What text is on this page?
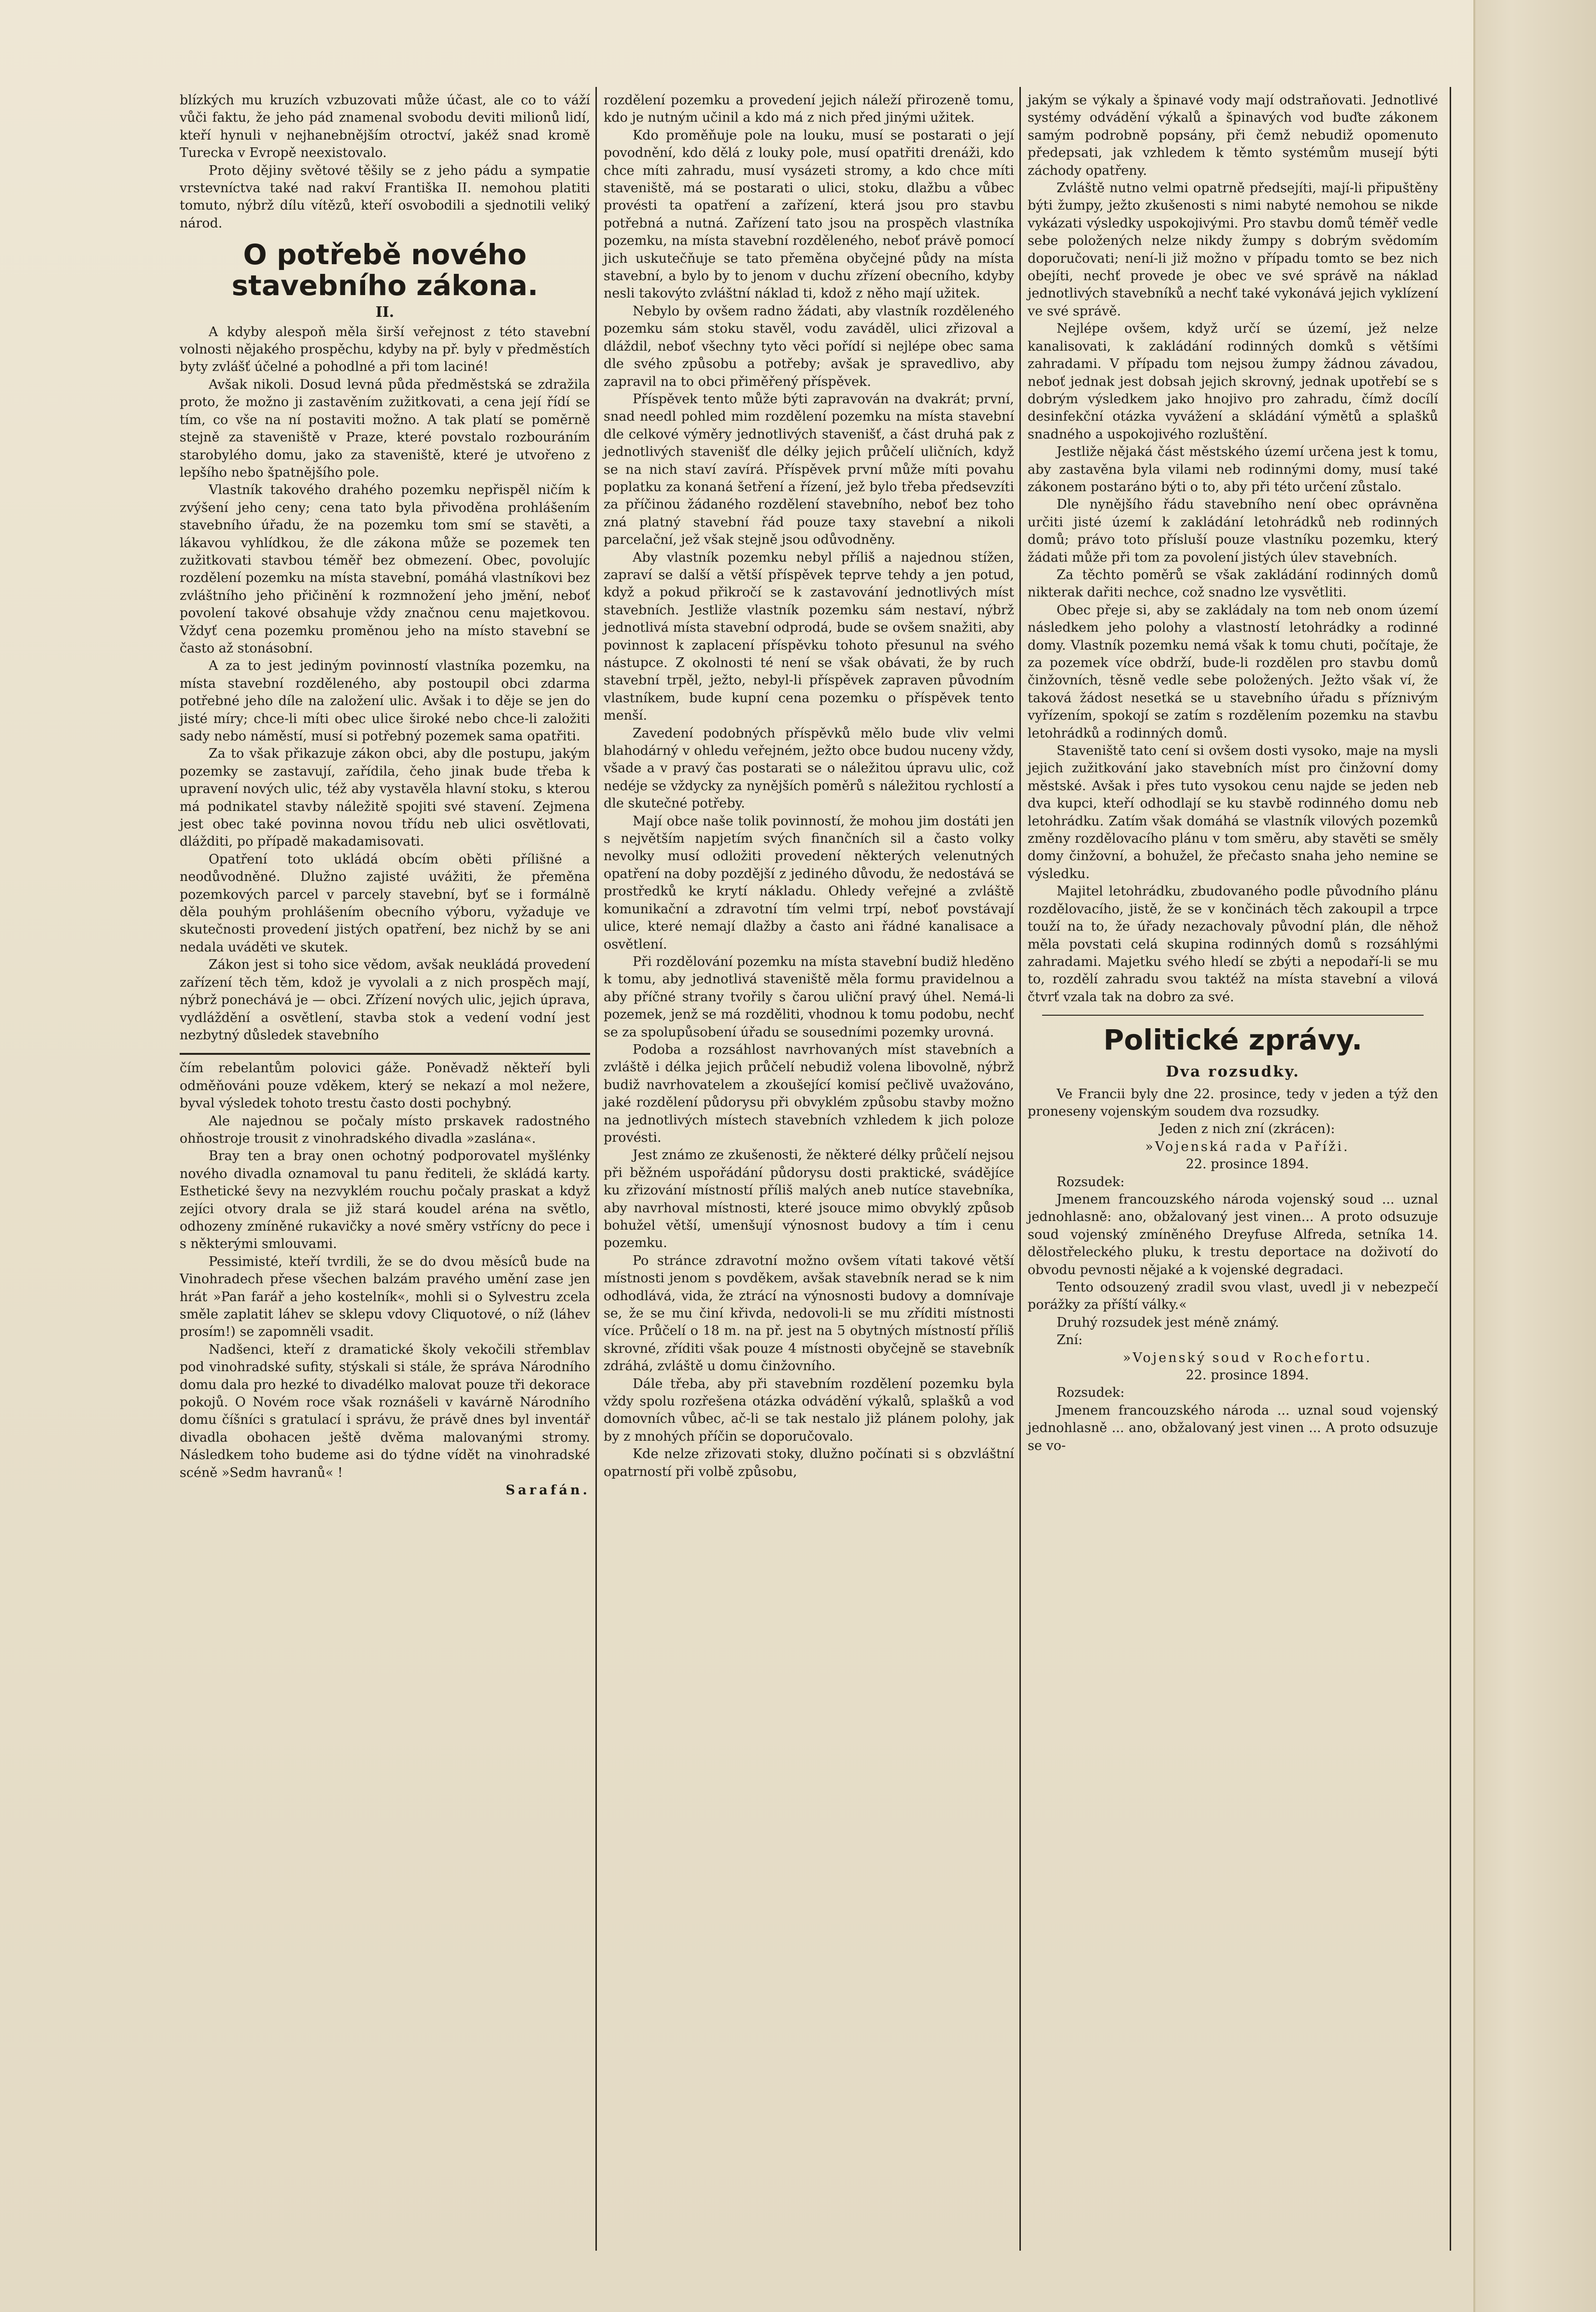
blízkých mu kruzích vzbuzovati může účast, ale co to váží vůči faktu, že jeho pád znamenal svobodu deviti milionů lidí, kteří hynuli v nejhanebnějším otroctví, jakéž snad kromě Turecka v Evropě neexistovalo.

Proto dějiny světové těšily se z jeho pádu a sympatie vrstevníctva také nad rakví Františka II. nemohou platiti tomuto, nýbrž dílu vítězů, kteří osvobodili a sjednotili veliký národ.

O potřebě nového stavebního zákona.
II.

A kdyby alespoň měla širší veřejnost z této stavební volnosti nějakého prospěchu, kdyby na př. byly v předměstích byty zvlášť účelné a pohodlné a při tom laciné!

Avšak nikoli. Dosud levná půda předměstská se zdražila proto, že možno ji zastavěním zužitkovati, a cena její řídí se tím, co vše na ní postaviti možno. A tak platí se poměrně stejně za staveniště v Praze, které povstalo rozbouráním starobylého domu, jako za staveniště, které je utvořeno z lepšího nebo špatnějšího pole.

Vlastník takového drahého pozemku nepřispěl ničím k zvýšení jeho ceny; cena tato byla přivoděna prohlášením stavebního úřadu, že na pozemku tom smí se stavěti, a lákavou vyhlídkou, že dle zákona může se pozemek ten zužitkovati stavbou téměř bez obmezení. Obec, povolujíc rozdělení pozemku na místa stavební, pomáhá vlastníkovi bez zvláštního jeho přičinění k rozmnožení jeho jmění, neboť povolení takové obsahuje vždy značnou cenu majetkovou. Vždyť cena pozemku proměnou jeho na místo stavební se často až stonásobní.

A za to jest jediným povinností vlastníka pozemku, na místa stavební rozděleného, aby postoupil obci zdarma potřebné jeho díle na založení ulic. Avšak i to děje se jen do jisté míry; chce-li míti obec ulice široké nebo chce-li založiti sady nebo náměstí, musí si potřebný pozemek sama opatřiti.

Za to však přikazuje zákon obci, aby dle postupu, jakým pozemky se zastavují, zařídila, čeho jinak bude třeba k upravení nových ulic, též aby vystavěla hlavní stoku, s kterou má podnikatel stavby náležitě spojiti své stavení. Zejmena jest obec také povinna novou třídu neb ulici osvětlovati, dlážditi, po případě makadamisovati.

Opatření toto ukládá obcím oběti přílišné a neodůvodněné. Dlužno zajisté uvážiti, že přeměna pozemkových parcel v parcely stavební, byť se i formálně děla pouhým prohlášením obecního výboru, vyžaduje ve skutečnosti provedení jistých opatření, bez nichž by se ani nedala uváděti ve skutek.

Zákon jest si toho sice vědom, avšak neukládá provedení zařízení těch těm, kdož je vyvolali a z nich prospěch mají, nýbrž ponechává je — obci. Zřízení nových ulic, jejich úprava, vydláždění a osvětlení, stavba stok a vedení vodní jest nezbytný důsledek stavebního

čím rebelantům polovici gáže. Poněvadž někteří byli odměňováni pouze vděkem, který se nekazí a mol nežere, byval výsledek tohoto trestu často dosti pochybný.

Ale najednou se počaly místo prskavek radostného ohňostroje trousit z vinohradského divadla »zaslána«.

Bray ten a bray onen ochotný podporovatel myšlénky nového divadla oznamoval tu panu řediteli, že skládá karty. Esthetické ševy na nezvyklém rouchu počaly praskat a když zejíci otvory drala se již stará koudel aréna na světlo, odhozeny zmíněné rukavičky a nové směry vstřícny do pece i s některými smlouvami.

Pessimisté, kteří tvrdili, že se do dvou měsíců bude na Vinohradech přese všechen balzám pravého umění zase jen hrát »Pan farář a jeho kostelník«, mohli si o Sylvestru zcela směle zaplatit láhev se sklepu vdovy Cliquotové, o níž (láhev prosím!) se zapomněli vsadit.

Nadšenci, kteří z dramatické školy vekočili střemblav pod vinohradské sufity, stýskali si stále, že správa Národního domu dala pro hezké to divadélko malovat pouze tři dekorace pokojů. O Novém roce však roznášeli v kavárně Národního domu číšníci s gratulací i správu, že právě dnes byl inventář divadla obohacen ještě dvěma malovanými stromy. Následkem toho budeme asi do týdne vídět na vinohradské scéně »Sedm havranů« !

Sarafán.

rozdělení pozemku a provedení jejich náleží přirozeně tomu, kdo je nutným učinil a kdo má z nich před jinými užitek.

Kdo proměňuje pole na louku, musí se postarati o její povodnění, kdo dělá z louky pole, musí opatřiti drenáži, kdo chce míti zahradu, musí vysázeti stromy, a kdo chce míti staveniště, má se postarati o ulici, stoku, dlažbu a vůbec provésti ta opatření a zařízení, která jsou pro stavbu potřebná a nutná. Zařízení tato jsou na prospěch vlastníka pozemku, na místa stavební rozděleného, neboť právě pomocí jich uskutečňuje se tato přeměna obyčejné půdy na místa stavební, a bylo by to jenom v duchu zřízení obecního, kdyby nesli takovýto zvláštní náklad ti, kdož z něho mají užitek.

Nebylo by ovšem radno žádati, aby vlastník rozděleného pozemku sám stoku stavěl, vodu zaváděl, ulici zřizoval a dláždil, neboť všechny tyto věci pořídí si nejlépe obec sama dle svého způsobu a potřeby; avšak je spravedlivo, aby zapravil na to obci přiměřený příspěvek.

Příspěvek tento může býti zapravován na dvakrát; první, snad needl pohled mim rozdělení pozemku na místa stavební dle celkové výměry jednotlivých stavenišť, a část druhá pak z jednotlivých stavenišť dle délky jejich průčelí uličních, když se na nich staví zavírá. Příspěvek první může míti povahu poplatku za konaná šetření a řízení, jež bylo třeba předsevzíti za příčinou žádaného rozdělení stavebního, neboť bez toho zná platný stavební řád pouze taxy stavební a nikoli parcelační, jež však stejně jsou odůvodněny.

Aby vlastník pozemku nebyl příliš a najednou stížen, zapraví se další a větší příspěvek teprve tehdy a jen potud, když a pokud přikročí se k zastavování jednotlivých míst stavebních. Jestliže vlastník pozemku sám nestaví, nýbrž jednotlivá místa stavební odprodá, bude se ovšem snažiti, aby povinnost k zaplacení příspěvku tohoto přesunul na svého nástupce. Z okolnosti té není se však obávati, že by ruch stavební trpěl, ježto, nebyl-li příspěvek zapraven původním vlastníkem, bude kupní cena pozemku o příspěvek tento menší.

Zavedení podobných příspěvků mělo bude vliv velmi blahodárný v ohledu veřejném, ježto obce budou nuceny vždy, všade a v pravý čas postarati se o náležitou úpravu ulic, což nedéje se vždycky za nynějších poměrů s náležitou rychlostí a dle skutečné potřeby.

Mají obce naše tolik povinností, že mohou jim dostáti jen s největším napjetím svých finančních sil a často volky nevolky musí odložiti provedení některých velenutných opatření na doby pozdější z jediného důvodu, že nedostává se prostředků ke krytí nákladu. Ohledy veřejné a zvláště komunikační a zdravotní tím velmi trpí, neboť povstávají ulice, které nemají dlažby a často ani řádné kanalisace a osvětlení.

Při rozdělování pozemku na místa stavební budiž hleděno k tomu, aby jednotlivá staveniště měla formu pravidelnou a aby příčné strany tvořily s čarou uliční pravý úhel. Nemá-li pozemek, jenž se má rozděliti, vhodnou k tomu podobu, nechť se za spolupůsobení úřadu se sousedními pozemky urovná.

Podoba a rozsáhlost navrhovaných míst stavebních a zvláště i délka jejich průčelí nebudiž volena libovolně, nýbrž budiž navrhovatelem a zkoušející komisí pečlivě uvažováno, jaké rozdělení půdorysu při obvyklém způsobu stavby možno na jednotlivých místech stavebních vzhledem k jich poloze provésti.

Jest známo ze zkušenosti, že některé délky průčelí nejsou při běžném uspořádání půdorysu dosti praktické, svádějíce ku zřizování místností příliš malých aneb nutíce stavebníka, aby navrhoval místnosti, které jsouce mimo obvyklý způsob bohužel větší, umenšují výnosnost budovy a tím i cenu pozemku.

Po stránce zdravotní možno ovšem vítati takové větší místnosti jenom s povděkem, avšak stavebník nerad se k nim odhodlává, vida, že ztrácí na výnosnosti budovy a domnívaje se, že se mu činí křivda, nedovoli-li se mu zříditi místnosti více. Průčelí o 18 m. na př. jest na 5 obytných místností příliš skrovné, zříditi však pouze 4 místnosti obyčejně se stavebník zdráhá, zvláště u domu činžovního.

Dále třeba, aby při stavebním rozdělení pozemku byla vždy spolu rozřešena otázka odvádění výkalů, splašků a vod domovních vůbec, ač-li se tak nestalo již plánem polohy, jak by z mnohých příčin se doporučovalo.

Kde nelze zřizovati stoky, dlužno počínati si s obzvláštní opatrností při volbě způsobu,

jakým se výkaly a špinavé vody mají odstraňovati. Jednotlivé systémy odvádění výkalů a špinavých vod buďte zákonem samým podrobně popsány, při čemž nebudiž opomenuto předepsati, jak vzhledem k těmto systémům musejí býti záchody opatřeny.

Zvláště nutno velmi opatrně předsejíti, mají-li připuštěny býti žumpy, ježto zkušenosti s nimi nabyté nemohou se nikde vykázati výsledky uspokojivými. Pro stavbu domů téměř vedle sebe položených nelze nikdy žumpy s dobrým svědomím doporučovati; není-li již možno v případu tomto se bez nich obejíti, nechť provede je obec ve své správě na náklad jednotlivých stavebníků a nechť také vykonává jejich vyklízení ve své správě.

Nejlépe ovšem, když určí se území, jež nelze kanalisovati, k zakládání rodinných domků s většími zahradami. V případu tom nejsou žumpy žádnou závadou, neboť jednak jest dobsah jejich skrovný, jednak upotřebí se s dobrým výsledkem jako hnojivo pro zahradu, čímž docílí desinfekční otázka vyvážení a skládání výmětů a splašků snadného a uspokojivého rozluštění.

Jestliže nějaká část městského území určena jest k tomu, aby zastavěna byla vilami neb rodinnými domy, musí také zákonem postaráno býti o to, aby při této určení zůstalo.

Dle nynějšího řádu stavebního není obec oprávněna určiti jisté území k zakládání letohrádků neb rodinných domů; právo toto přísluší pouze vlastníku pozemku, který žádati může při tom za povolení jistých úlev stavebních.

Za těchto poměrů se však zakládání rodinných domů nikterak dařiti nechce, což snadno lze vysvětliti.

Obec přeje si, aby se zakládaly na tom neb onom území následkem jeho polohy a vlastností letohrádky a rodinné domy. Vlastník pozemku nemá však k tomu chuti, počítaje, že za pozemek více obdrží, bude-li rozdělen pro stavbu domů činžovních, těsně vedle sebe položených. Ježto však ví, že taková žádost nesetká se u stavebního úřadu s příznivým vyřízením, spokojí se zatím s rozdělením pozemku na stavbu letohrádků a rodinných domů.

Staveniště tato cení si ovšem dosti vysoko, maje na mysli jejich zužitkování jako stavebních míst pro činžovní domy městské. Avšak i přes tuto vysokou cenu najde se jeden neb dva kupci, kteří odhodlají se ku stavbě rodinného domu neb letohrádku. Zatím však domáhá se vlastník vilových pozemků změny rozdělovacího plánu v tom směru, aby stavěti se směly domy činžovní, a bohužel, že přečasto snaha jeho nemine se výsledku.

Majitel letohrádku, zbudovaného podle původního plánu rozdělovacího, jistě, že se v končinách těch zakoupil a trpce touží na to, že úřady nezachovaly původní plán, dle něhož měla povstati celá skupina rodinných domů s rozsáhlými zahradami. Majetku svého hledí se zbýti a nepodaří-li se mu to, rozdělí zahradu svou taktéž na místa stavební a vilová čtvrť vzala tak na dobro za své.

Politické zprávy.
Dva rozsudky.

Ve Francii byly dne 22. prosince, tedy v jeden a týž den proneseny vojenským soudem dva rozsudky.

Jeden z nich zní (zkrácen):

»Vojenská rada v Paříži.

22. prosince 1894.

Rozsudek:

Jmenem francouzského národa vojenský soud ... uznal jednohlasně: ano, obžalovaný jest vinen... A proto odsuzuje soud vojenský zmíněného Dreyfuse Alfreda, setníka 14. dělostřeleckého pluku, k trestu deportace na doživotí do obvodu pevnosti nějaké a k vojenské degradaci.

Tento odsouzený zradil svou vlast, uvedl ji v nebezpečí porážky za příští války.«

Druhý rozsudek jest méně známý.

Zní:

»Vojenský soud v Rochefortu.

22. prosince 1894.

Rozsudek:

Jmenem francouzského národa ... uznal soud vojenský jednohlasně ... ano, obžalovaný jest vinen ... A proto odsuzuje se vo-
